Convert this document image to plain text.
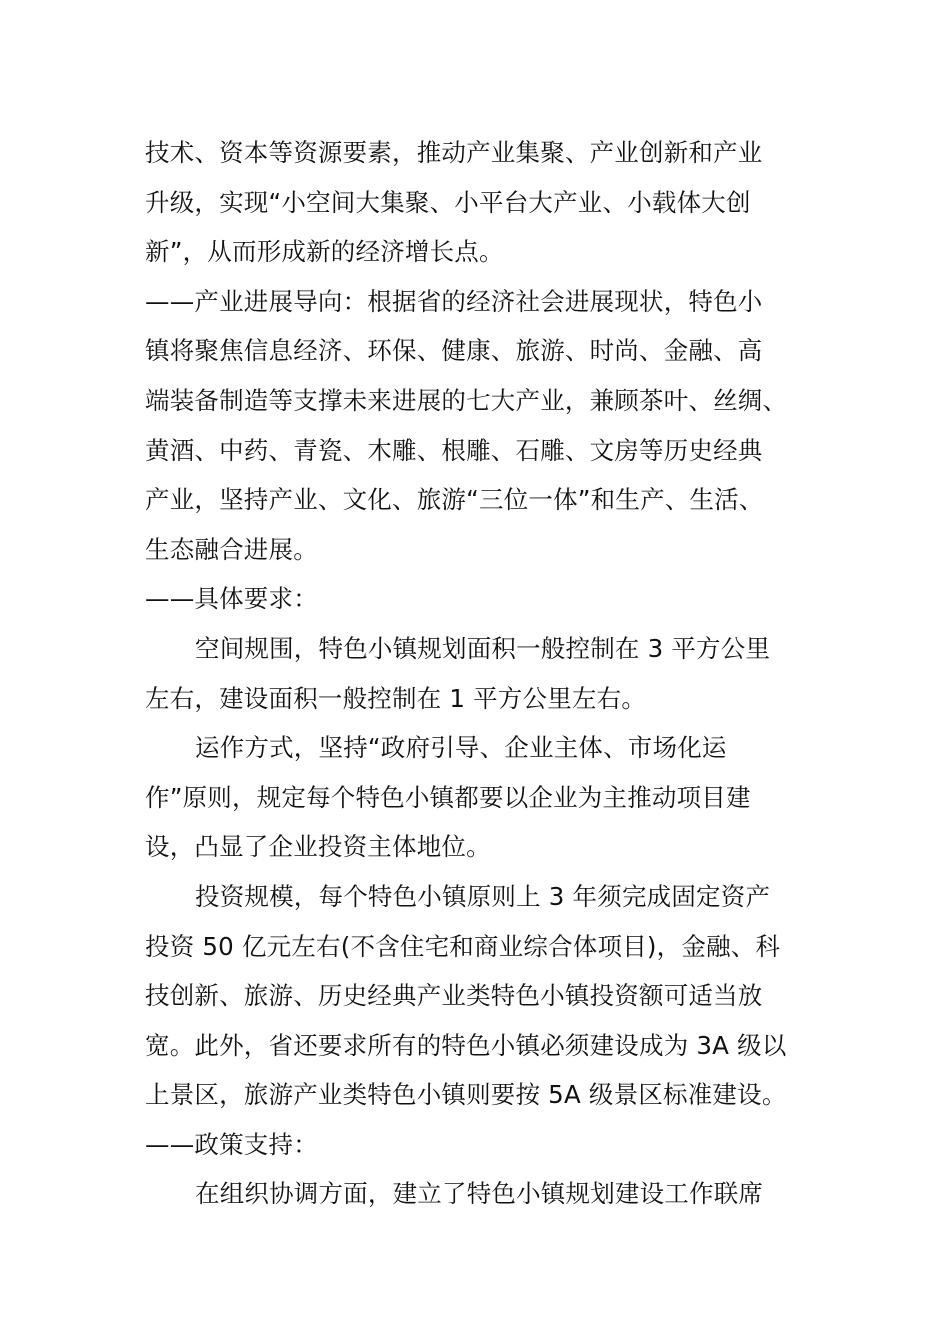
技术、资本等资源要素，推动产业集聚、产业创新和产业
升级，实现“小空间大集聚、小平台大产业、小载体大创
新”，从而形成新的经济增长点。
——产业进展导向：根据省的经济社会进展现状，特色小
镇将聚焦信息经济、环保、健康、旅游、时尚、金融、高
端装备制造等支撑未来进展的七大产业，兼顾茶叶、丝绸、
黄酒、中药、青瓷、木雕、根雕、石雕、文房等历史经典
产业，坚持产业、文化、旅游“三位一体”和生产、生活、
生态融合进展。
——具体要求：
空间规围，特色小镇规划面积一般控制在 3 平方公里
左右，建设面积一般控制在 1 平方公里左右。
运作方式，坚持“政府引导、企业主体、市场化运
作”原则，规定每个特色小镇都要以企业为主推动项目建
设，凸显了企业投资主体地位。
投资规模，每个特色小镇原则上 3 年须完成固定资产
投资 50 亿元左右(不含住宅和商业综合体项目)，金融、科
技创新、旅游、历史经典产业类特色小镇投资额可适当放
宽。此外，省还要求所有的特色小镇必须建设成为 3A 级以
上景区，旅游产业类特色小镇则要按 5A 级景区标准建设。
——政策支持：
在组织协调方面，建立了特色小镇规划建设工作联席
